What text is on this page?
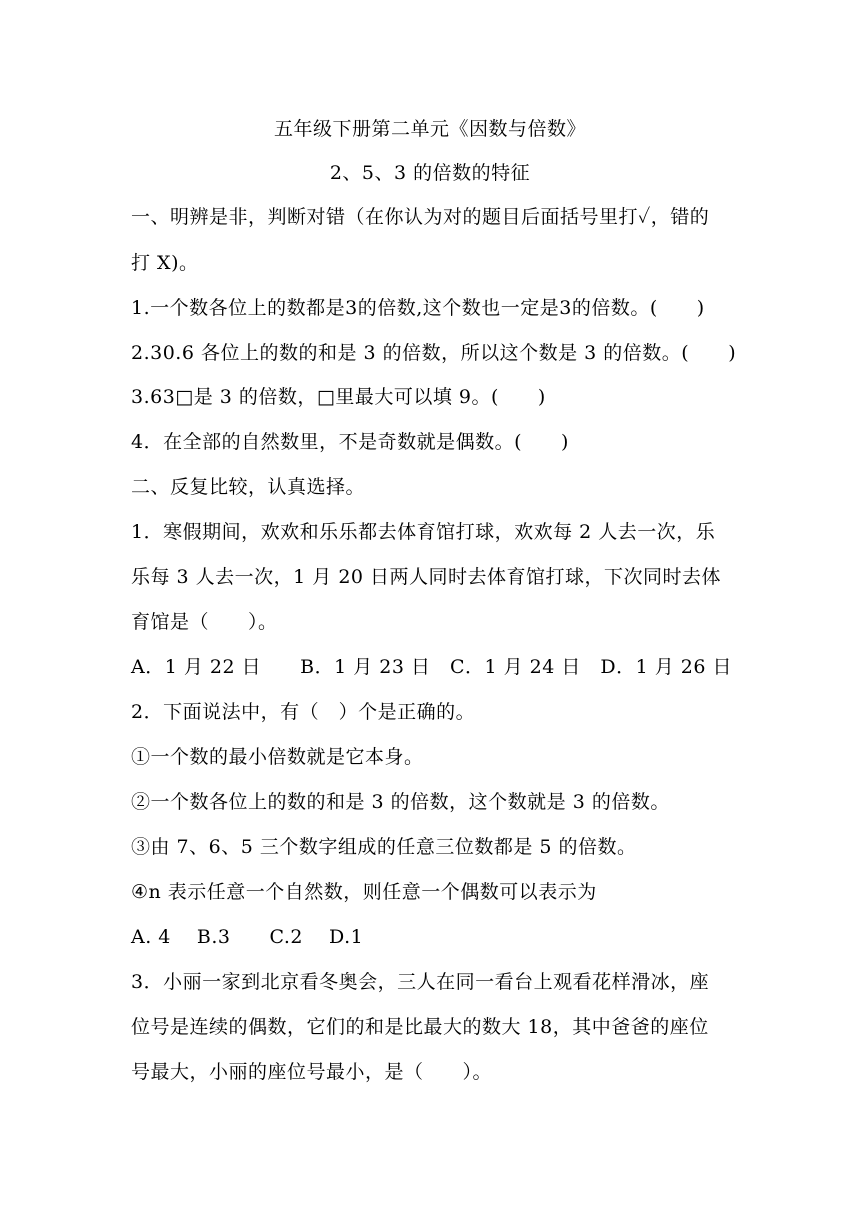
五年级下册第二单元《因数与倍数》
2、5、3 的倍数的特征
一、明辨是非，判断对错（在你认为对的题目后面括号里打✓，错的
打 X)。
1.一个数各位上的数都是3的倍数,这个数也一定是3的倍数。(　　)
2.30.6 各位上的数的和是 3 的倍数，所以这个数是 3 的倍数。(　　)
3.63□是 3 的倍数，□里最大可以填 9。(　　)
4．在全部的自然数里，不是奇数就是偶数。(　　)
二、反复比较，认真选择。
1．寒假期间，欢欢和乐乐都去体育馆打球，欢欢每 2 人去一次，乐
乐每 3 人去一次，1 月 20 日两人同时去体育馆打球，下次同时去体
育馆是（　　）。
A．1 月 22 日　　B．1 月 23 日　C．1 月 24 日　D．1 月 26 日
2．下面说法中，有（　）个是正确的。
①一个数的最小倍数就是它本身。
②一个数各位上的数的和是 3 的倍数，这个数就是 3 的倍数。
③由 7、6、5 三个数字组成的任意三位数都是 5 的倍数。
④n 表示任意一个自然数，则任意一个偶数可以表示为
A. 4　 B.3　　C.2　 D.1
3．小丽一家到北京看冬奥会，三人在同一看台上观看花样滑冰，座
位号是连续的偶数，它们的和是比最大的数大 18，其中爸爸的座位
号最大，小丽的座位号最小，是（　　）。
